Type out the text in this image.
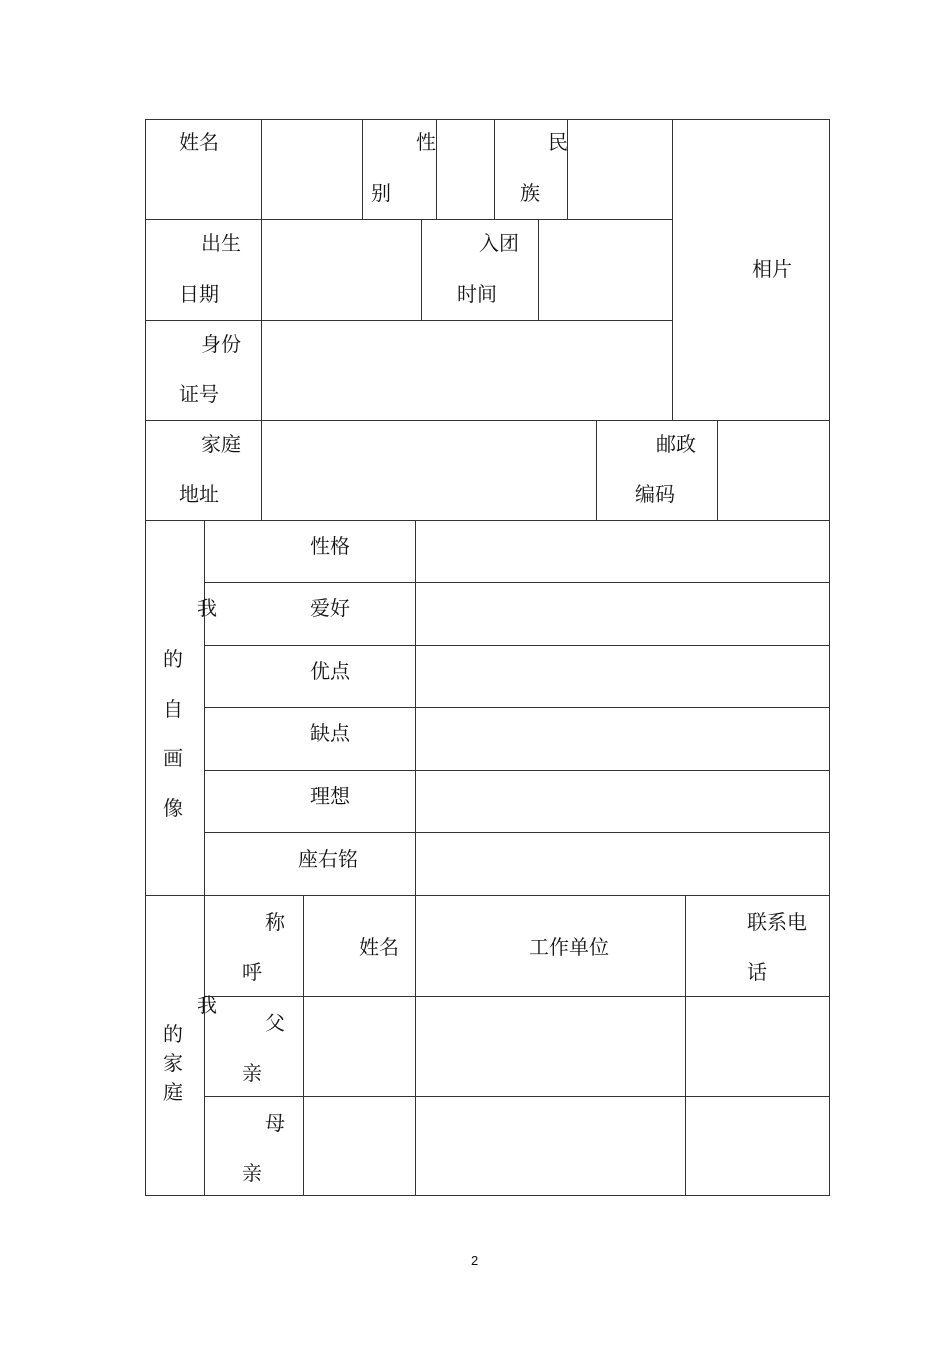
姓名	性
别
民
族
相片
出生
日期
入团
时间
身份
证号
家庭
地址
邮政
编码
我
的
自
画
像
性格
爱好
优点
缺点
理想
座右铭
我
的
家
庭
称
呼
姓名	工作单位
联系电
话
父
亲
母
亲
2
